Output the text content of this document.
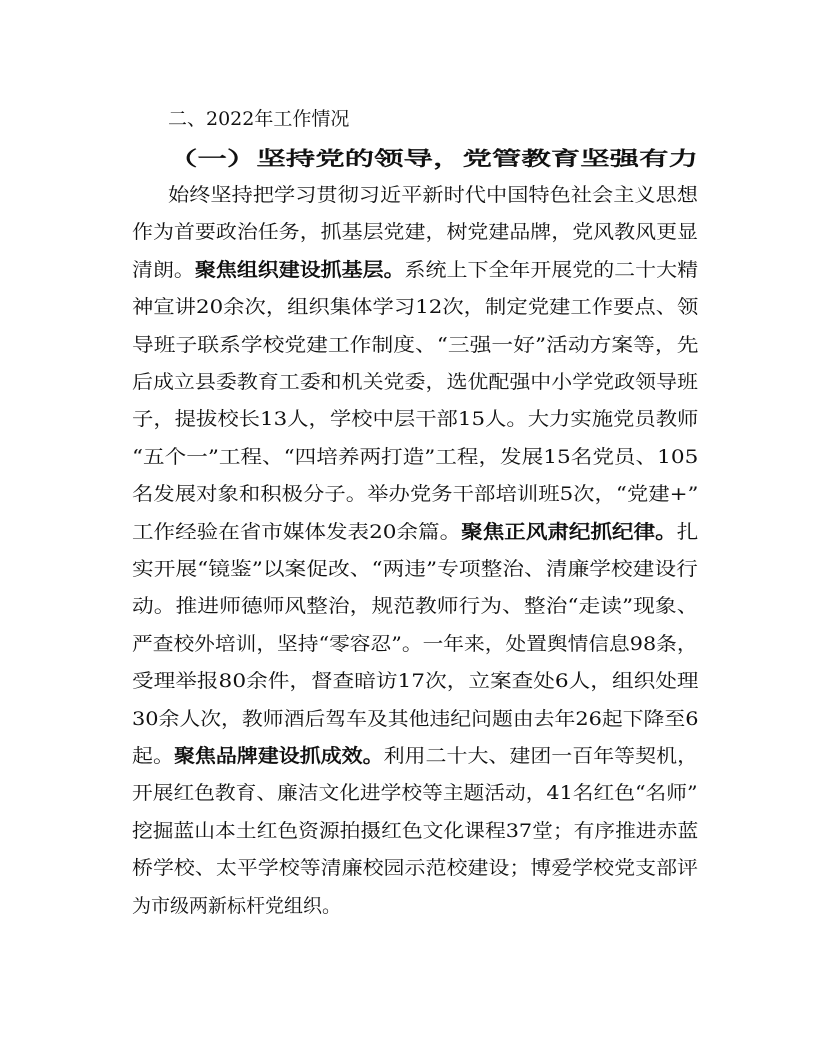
二、2022年工作情况
（一）坚持党的领导，党管教育坚强有力
始终坚持把学习贯彻习近平新时代中国特色社会主义思想
作为首要政治任务，抓基层党建，树党建品牌，党风教风更显
清朗。聚焦组织建设抓基层。系统上下全年开展党的二十大精
神宣讲20余次，组织集体学习12次，制定党建工作要点、领
导班子联系学校党建工作制度、“三强一好”活动方案等，先
后成立县委教育工委和机关党委，选优配强中小学党政领导班
子，提拔校长13人，学校中层干部15人。大力实施党员教师
“五个一”工程、“四培养两打造”工程，发展15名党员、105
名发展对象和积极分子。举办党务干部培训班5次，“党建+”
工作经验在省市媒体发表20余篇。聚焦正风肃纪抓纪律。扎
实开展“镜鉴”以案促改、“两违”专项整治、清廉学校建设行
动。推进师德师风整治，规范教师行为、整治“走读”现象、
严查校外培训，坚持“零容忍”。一年来，处置舆情信息98条，
受理举报80余件，督查暗访17次，立案查处6人，组织处理
30余人次，教师酒后驾车及其他违纪问题由去年26起下降至6
起。聚焦品牌建设抓成效。利用二十大、建团一百年等契机，
开展红色教育、廉洁文化进学校等主题活动，41名红色“名师”
挖掘蓝山本土红色资源拍摄红色文化课程37堂；有序推进赤蓝
桥学校、太平学校等清廉校园示范校建设；博爱学校党支部评
为市级两新标杆党组织。
